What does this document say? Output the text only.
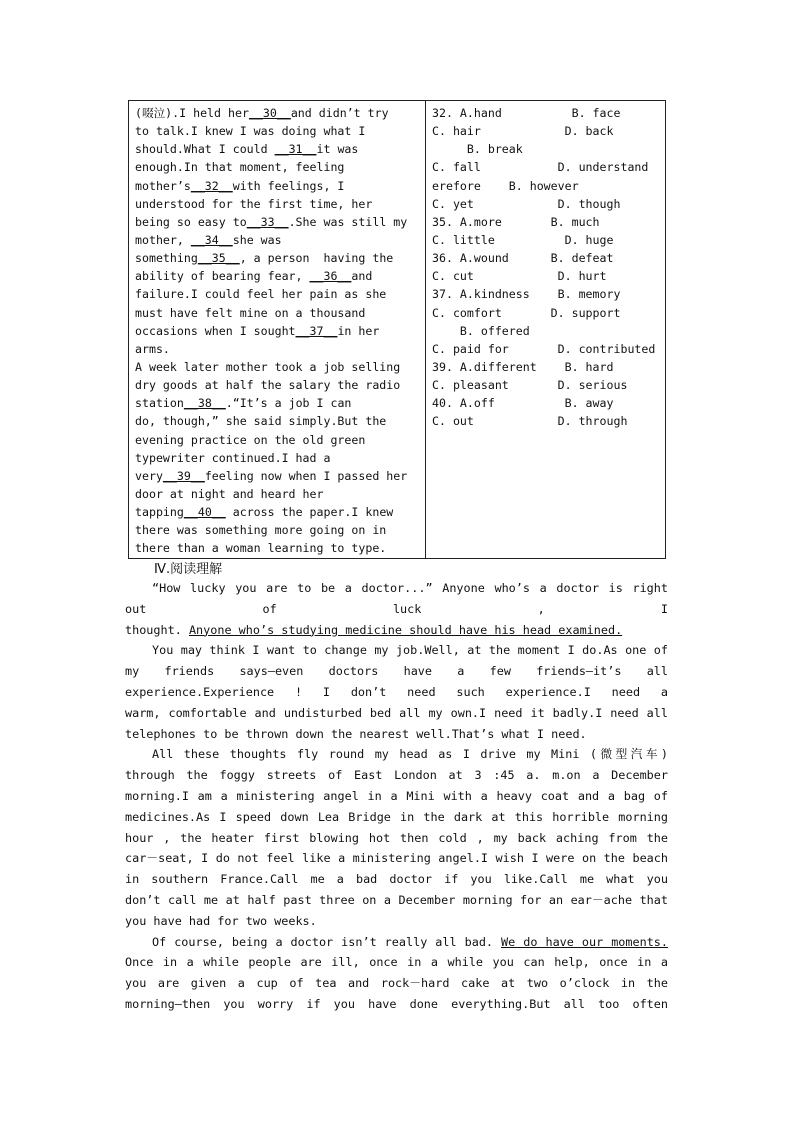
(啜泣).I held her__30__and didn’t try
to talk.I knew I was doing what I
should.What I could __31__it was
enough.In that moment, feeling
mother’s__32__with feelings, I
understood for the first time, her
being so easy to__33__.She was still my
mother, __34__she was
something__35__, a person  having the
ability of bearing fear, __36__and
failure.I could feel her pain as she
must have felt mine on a thousand
occasions when I sought__37__in her
arms.
A week later mother took a job selling
dry goods at half the salary the radio
station__38__.“It’s a job I can
do, though,” she said simply.But the
evening practice on the old green
typewriter continued.I had a
very__39__feeling now when I passed her
door at night and heard her
tapping__40__ across the paper.I knew
there was something more going on in
there than a woman learning to type.

32. A.hand          B. face
C. hair            D. back
B. break
C. fall           D. understand
erefore    B. however
C. yet            D. though
35. A.more       B. much
C. little          D. huge
36. A.wound      B. defeat
C. cut            D. hurt
37. A.kindness    B. memory
C. comfort       D. support
B. offered
C. paid for       D. contributed
39. A.different    B. hard
C. pleasant       D. serious
40. A.off          B. away
C. out            D. through
Ⅳ.阅读理解
“How lucky you are to be a doctor...” Anyone who’s a doctor is right
out of luck , I
thought. Anyone who’s studying medicine should have his head examined.
You may think I want to change my job.Well, at the moment I do.As one of
my friends says—even doctors have a few friends—it’s all
experience.Experience ! I don’t need such experience.I need a
warm, comfortable and undisturbed bed all my own.I need it badly.I need all
telephones to be thrown down the nearest well.That’s what I need.
All these thoughts fly round my head as I drive my Mini (微型汽车)
through the foggy streets of East London at 3 :45 a. m.on a December
morning.I am a ministering angel in a Mini with a heavy coat and a bag of
medicines.As I speed down Lea Bridge in the dark at this horrible morning
hour , the heater first blowing hot then cold , my back aching from the
car－seat, I do not feel like a ministering angel.I wish I were on the beach
in southern France.Call me a bad doctor if you like.Call me what you
don’t call me at half past three on a December morning for an ear－ache that
you have had for two weeks.
Of course, being a doctor isn’t really all bad. We do have our moments.
Once in a while people are ill, once in a while you can help, once in a
you are given a cup of tea and rock－hard cake at two o’clock in the
morning—then you worry if you have done everything.But all too often
